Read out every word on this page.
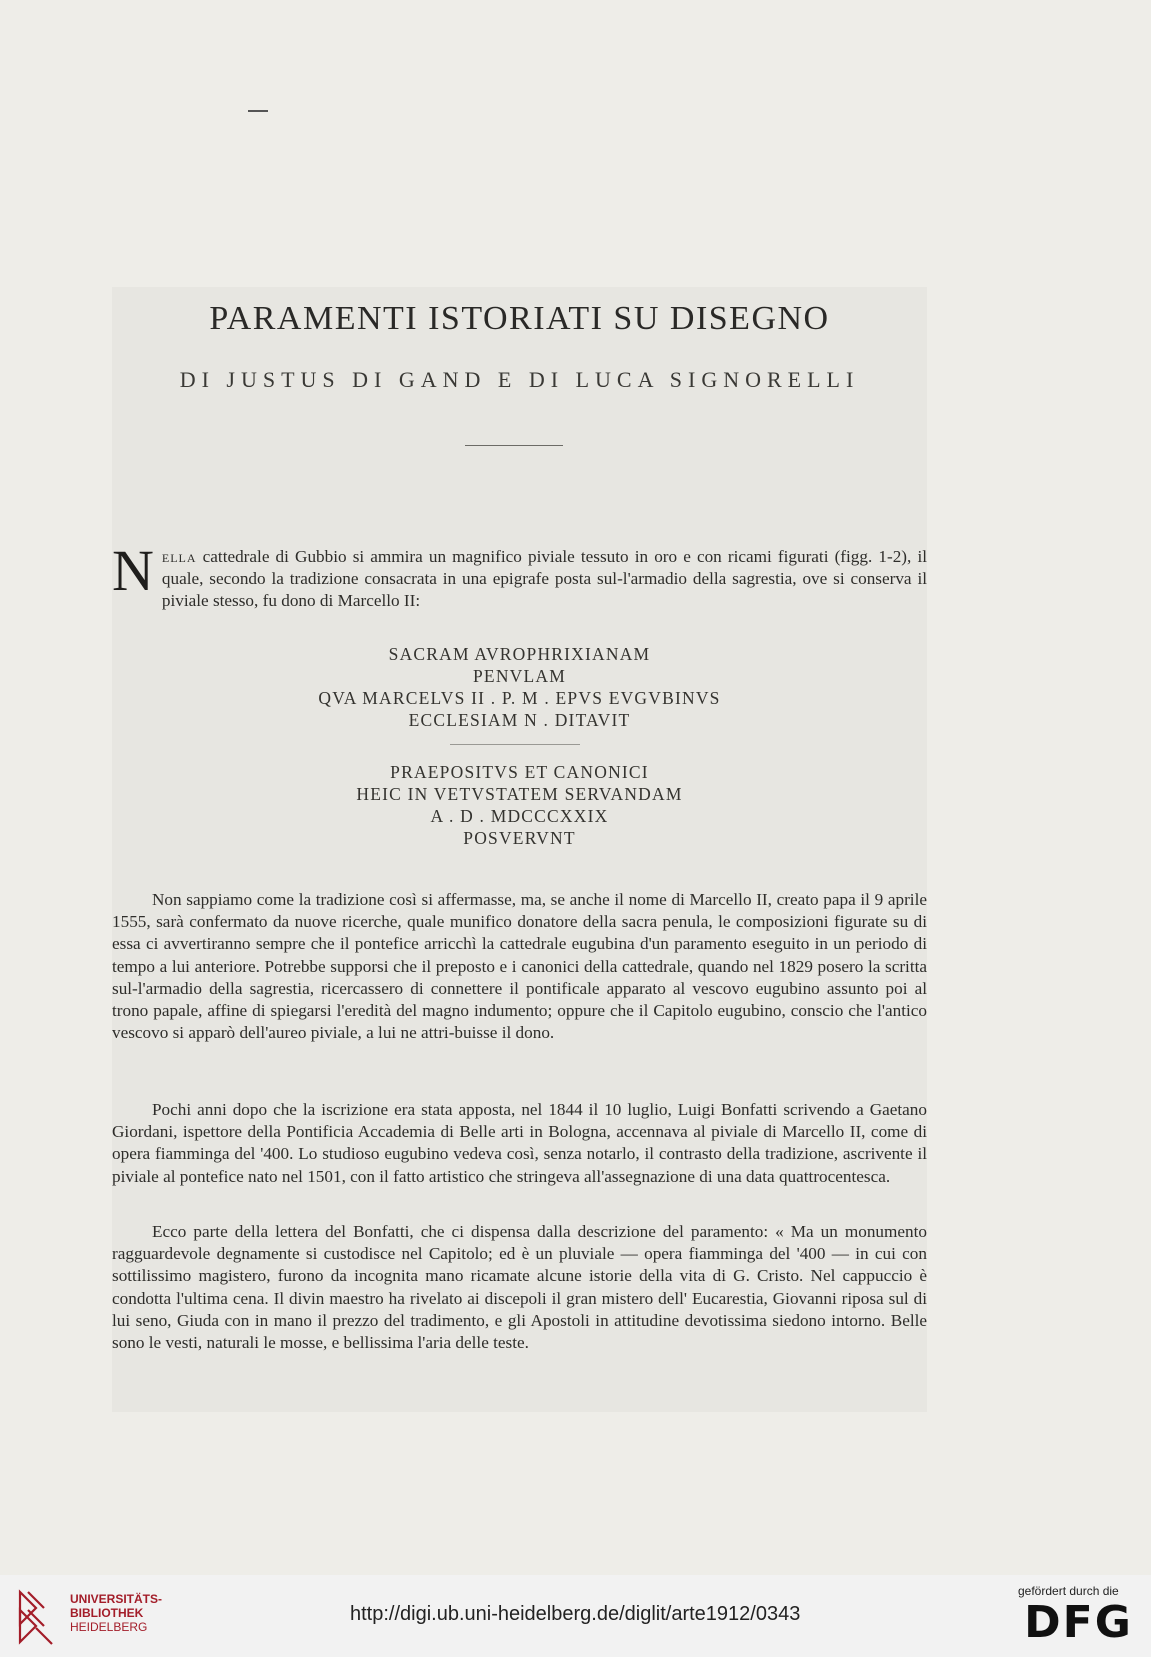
PARAMENTI ISTORIATI SU DISEGNO
DI JUSTUS DI GAND E DI LUCA SIGNORELLI

Nella cattedrale di Gubbio si ammira un magnifico piviale tessuto in oro e con ricami figurati (figg. 1-2), il quale, secondo la tradizione consacrata in una epigrafe posta sul-l'armadio della sagrestia, ove si conserva il piviale stesso, fu dono di Marcello II:

SACRAM AVROPHRIXIANAM
PENVLAM
QVA MARCELVS II . P. M . EPVS EVGVBINVS
ECCLESIAM N . DITAVIT
PRAEPOSITVS ET CANONICI
HEIC IN VETVSTATEM SERVANDAM
A . D . MDCCCXXIX
POSVERVNT

Non sappiamo come la tradizione così si affermasse, ma, se anche il nome di Marcello II, creato papa il 9 aprile 1555, sarà confermato da nuove ricerche, quale munifico donatore della sacra penula, le composizioni figurate su di essa ci avvertiranno sempre che il pontefice arricchì la cattedrale eugubina d'un paramento eseguito in un periodo di tempo a lui anteriore. Potrebbe supporsi che il preposto e i canonici della cattedrale, quando nel 1829 posero la scritta sul-l'armadio della sagrestia, ricercassero di connettere il pontificale apparato al vescovo eugubino assunto poi al trono papale, affine di spiegarsi l'eredità del magno indumento; oppure che il Capitolo eugubino, conscio che l'antico vescovo si apparò dell'aureo piviale, a lui ne attri-buisse il dono.

Pochi anni dopo che la iscrizione era stata apposta, nel 1844 il 10 luglio, Luigi Bonfatti scrivendo a Gaetano Giordani, ispettore della Pontificia Accademia di Belle arti in Bologna, accennava al piviale di Marcello II, come di opera fiamminga del '400. Lo studioso eugubino vedeva così, senza notarlo, il contrasto della tradizione, ascrivente il piviale al pontefice nato nel 1501, con il fatto artistico che stringeva all'assegnazione di una data quattrocentesca.

Ecco parte della lettera del Bonfatti, che ci dispensa dalla descrizione del paramento: « Ma un monumento ragguardevole degnamente si custodisce nel Capitolo; ed è un pluviale — opera fiamminga del '400 — in cui con sottilissimo magistero, furono da incognita mano ricamate alcune istorie della vita di G. Cristo. Nel cappuccio è condotta l'ultima cena. Il divin maestro ha rivelato ai discepoli il gran mistero dell' Eucarestia, Giovanni riposa sul di lui seno, Giuda con in mano il prezzo del tradimento, e gli Apostoli in attitudine devotissima siedono intorno. Belle sono le vesti, naturali le mosse, e bellissima l'aria delle teste.

UNIVERSITÄTS-
BIBLIOTHEK
HEIDELBERG
http://digi.ub.uni-heidelberg.de/diglit/arte1912/0343
gefördert durch die
DFG
